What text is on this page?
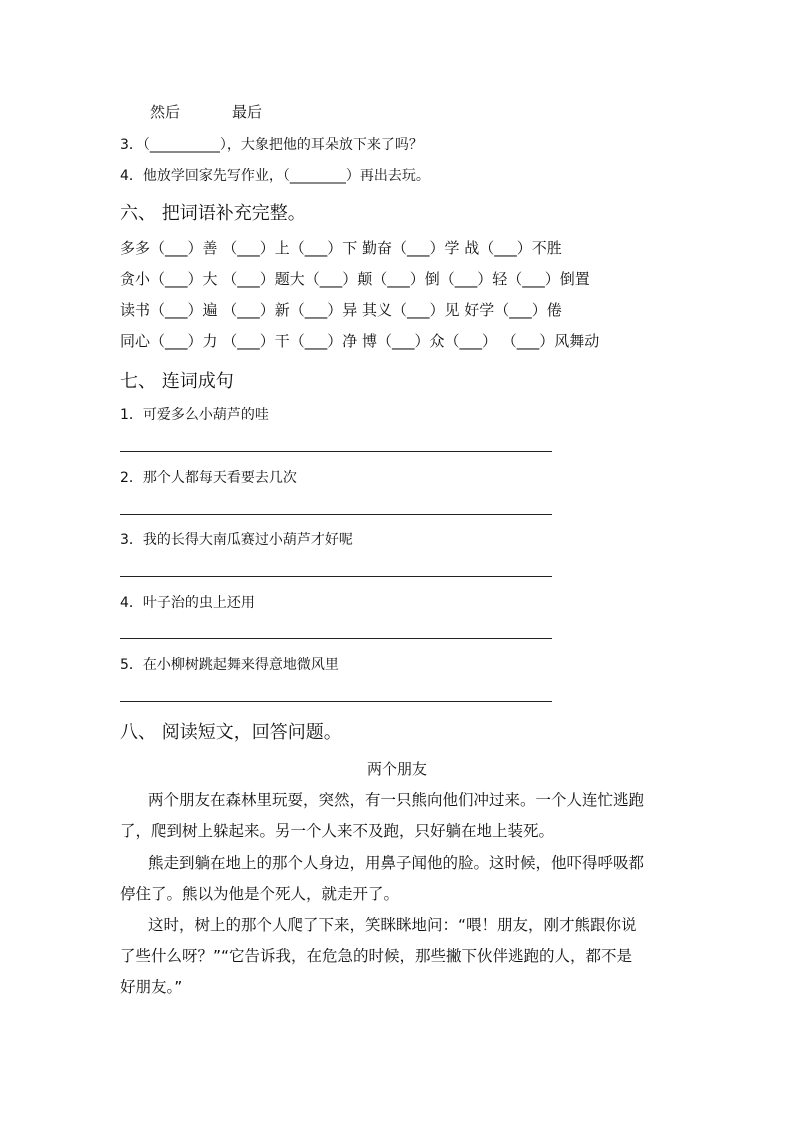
然后	最后
3．（__________），大象把他的耳朵放下来了吗？
4．他放学回家先写作业，（________）再出去玩。
六、 把词语补充完整。
多多（___）善 （___）上（___）下 勤奋（___）学 战（___）不胜
贪小（___）大 （___）题大（___）颠（___）倒（___）轻（___）倒置
读书（___）遍 （___）新（___）异 其义（___）见 好学（___）倦
同心（___）力 （___）干（___）净 博（___）众（___） （___）风舞动
七、 连词成句
1．可爱多么小葫芦的哇
2．那个人都每天看要去几次
3．我的长得大南瓜赛过小葫芦才好呢
4．叶子治的虫上还用
5．在小柳树跳起舞来得意地微风里
八、 阅读短文，回答问题。
两个朋友
两个朋友在森林里玩耍，突然，有一只熊向他们冲过来。一个人连忙逃跑
了，爬到树上躲起来。另一个人来不及跑，只好躺在地上装死。
熊走到躺在地上的那个人身边，用鼻子闻他的脸。这时候，他吓得呼吸都
停住了。熊以为他是个死人，就走开了。
这时，树上的那个人爬了下来，笑眯眯地问：“喂！朋友，刚才熊跟你说
了些什么呀？”“它告诉我，在危急的时候，那些撇下伙伴逃跑的人，都不是
好朋友。”
